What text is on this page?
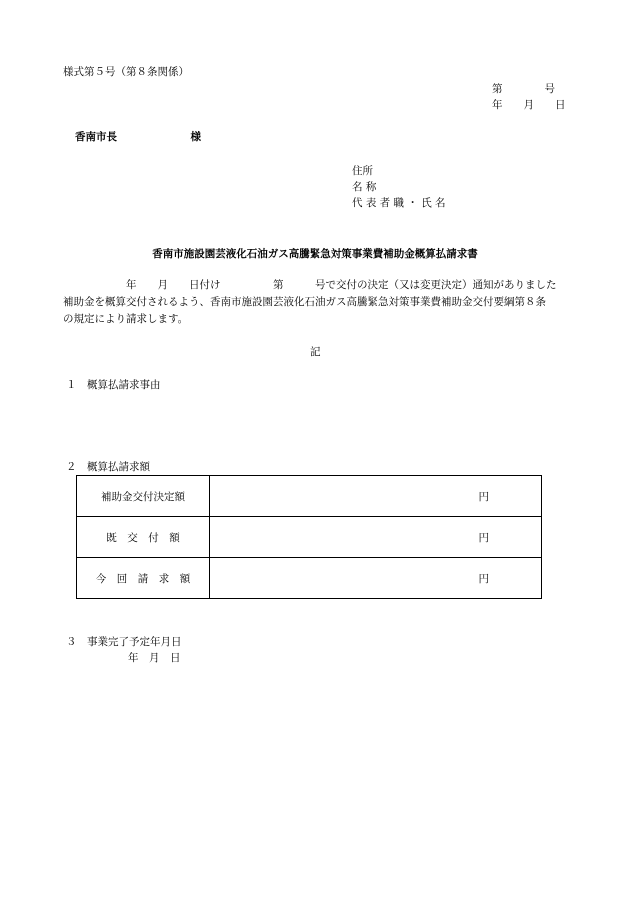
様式第５号（第８条関係）
第　　　　号
年　　月　　日
香南市長　　　　　　　様
住所
名 称
代 表 者 職 ・ 氏 名
香南市施設園芸液化石油ガス高騰緊急対策事業費補助金概算払請求書
　　　　　　年　　月　　日付け　　　　　第　　　号で交付の決定（又は変更決定）通知がありました
補助金を概算交付されるよう、香南市施設園芸液化石油ガス高騰緊急対策事業費補助金交付要綱第８条
の規定により請求します。
記
１　概算払請求事由
２　概算払請求額
補助金交付決定額	円
既　交　付　額	円
今　回　請　求　額	円
３　事業完了予定年月日
年　月　日
